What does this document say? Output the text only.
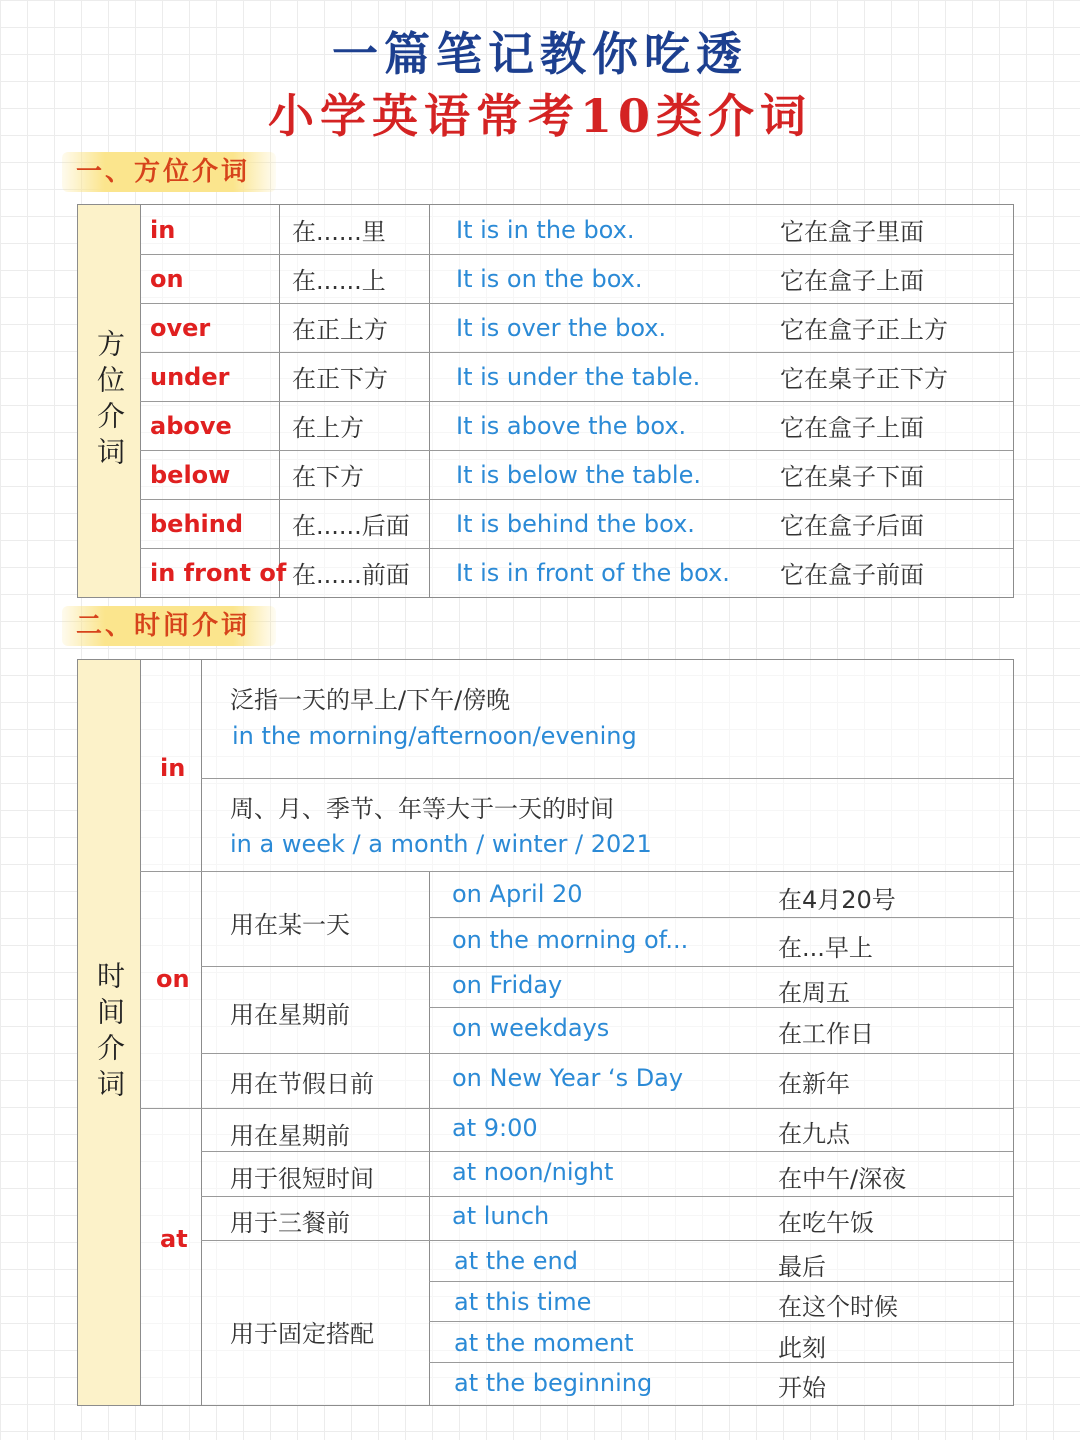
一篇笔记教你吃透
小学英语常考10类介词
一、方位介词
方位介词
in	在......里	It is in the box.	它在盒子里面
on	在......上	It is on the box.	它在盒子上面
over	在正上方	It is over the box.	它在盒子正上方
under	在正下方	It is under the table.	它在桌子正下方
above	在上方	It is above the box.	它在盒子上面
below	在下方	It is below the table.	它在桌子下面
behind 在......后面 It is behind the box.	它在盒子后面
in front of 在......前面 It is in front of the box. 它在盒子前面
二、时间介词
时间介词
in
泛指一天的早上/下午/傍晚
in the morning/afternoon/evening
周、月、季节、年等大于一天的时间
in a week / a month / winter / 2021
on
用在某一天
on April 20	在4月20号
on the morning of...	在...早上
用在星期前
on Friday	在周五
on weekdays	在工作日
用在节假日前	on New Year ‘s Day	在新年
at
用在星期前	at 9:00	在九点
用于很短时间	at noon/night	在中午/深夜
用于三餐前	at lunch	在吃午饭
用于固定搭配
at the end	最后
at this time	在这个时候
at the moment	此刻
at the beginning	开始
